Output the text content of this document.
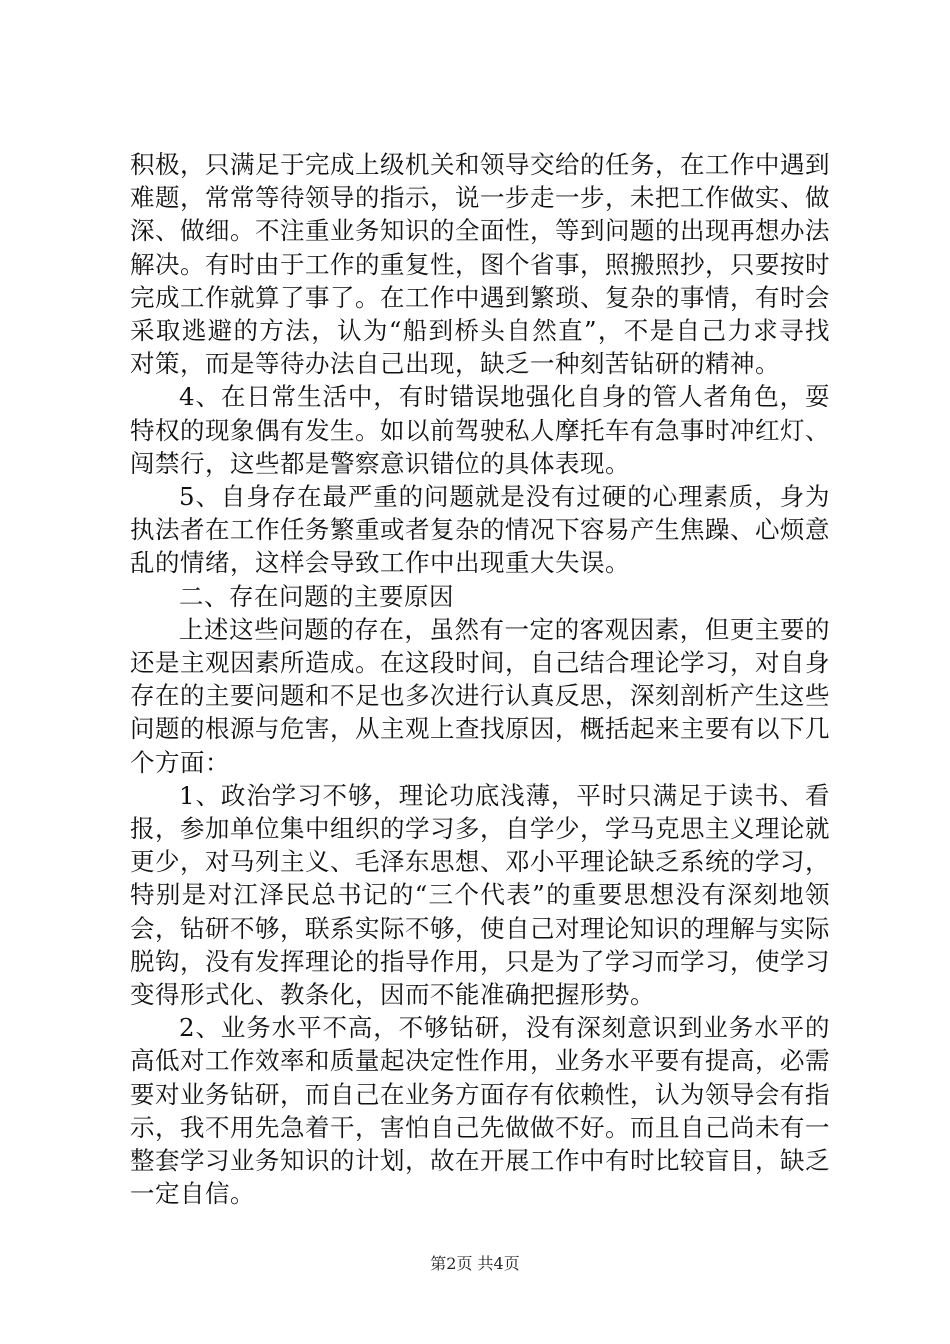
积极，只满足于完成上级机关和领导交给的任务，在工作中遇到难题，常常等待领导的指示，说一步走一步，未把工作做实、做深、做细。不注重业务知识的全面性，等到问题的出现再想办法解决。有时由于工作的重复性，图个省事，照搬照抄，只要按时完成工作就算了事了。在工作中遇到繁琐、复杂的事情，有时会采取逃避的方法，认为“船到桥头自然直”，不是自己力求寻找对策，而是等待办法自己出现，缺乏一种刻苦钻研的精神。

4、在日常生活中，有时错误地强化自身的管人者角色，耍特权的现象偶有发生。如以前驾驶私人摩托车有急事时冲红灯、闯禁行，这些都是警察意识错位的具体表现。

5、自身存在最严重的问题就是没有过硬的心理素质，身为执法者在工作任务繁重或者复杂的情况下容易产生焦躁、心烦意乱的情绪，这样会导致工作中出现重大失误。

二、存在问题的主要原因

上述这些问题的存在，虽然有一定的客观因素，但更主要的还是主观因素所造成。在这段时间，自己结合理论学习，对自身存在的主要问题和不足也多次进行认真反思，深刻剖析产生这些问题的根源与危害，从主观上查找原因，概括起来主要有以下几个方面：

1、政治学习不够，理论功底浅薄，平时只满足于读书、看报，参加单位集中组织的学习多，自学少，学马克思主义理论就更少，对马列主义、毛泽东思想、邓小平理论缺乏系统的学习，特别是对江泽民总书记的“三个代表”的重要思想没有深刻地领会，钻研不够，联系实际不够，使自己对理论知识的理解与实际脱钩，没有发挥理论的指导作用，只是为了学习而学习，使学习变得形式化、教条化，因而不能准确把握形势。

2、业务水平不高，不够钻研，没有深刻意识到业务水平的高低对工作效率和质量起决定性作用，业务水平要有提高，必需要对业务钻研，而自己在业务方面存有依赖性，认为领导会有指示，我不用先急着干，害怕自己先做做不好。而且自己尚未有一整套学习业务知识的计划，故在开展工作中有时比较盲目，缺乏一定自信。

第2页 共4页
